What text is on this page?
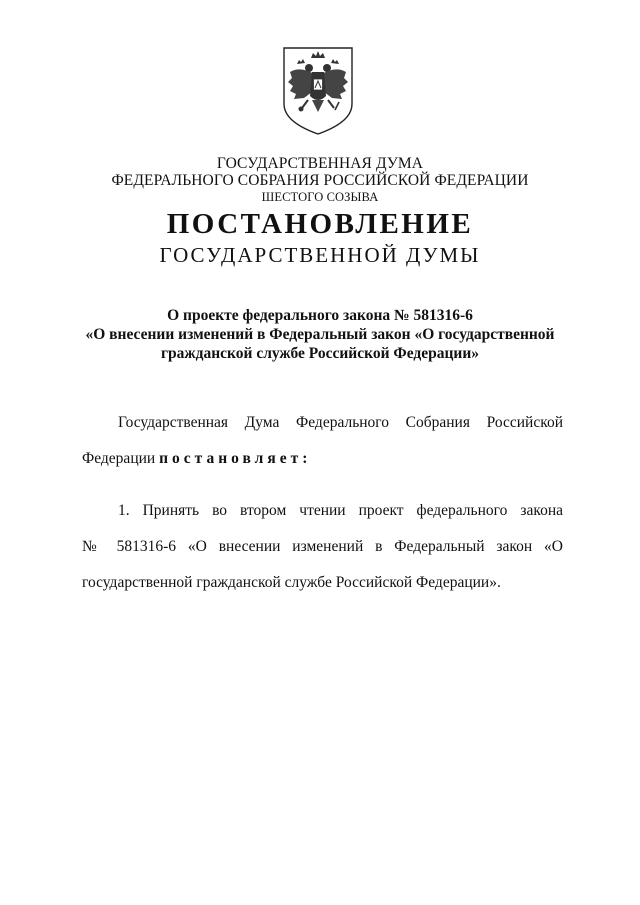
ГОСУДАРСТВЕННАЯ ДУМА
ФЕДЕРАЛЬНОГО СОБРАНИЯ РОССИЙСКОЙ ФЕДЕРАЦИИ
ШЕСТОГО СОЗЫВА
ПОСТАНОВЛЕНИЕ
ГОСУДАРСТВЕННОЙ ДУМЫ
О проекте федерального закона № 581316-6
«О внесении изменений в Федеральный закон «О государственной
гражданской службе Российской Федерации»
Государственная Дума Федерального Собрания Российской
Федерации постановляет:
1. Принять во втором чтении проект федерального закона
№ 581316-6 «О внесении изменений в Федеральный закон «О
государственной гражданской службе Российской Федерации».
